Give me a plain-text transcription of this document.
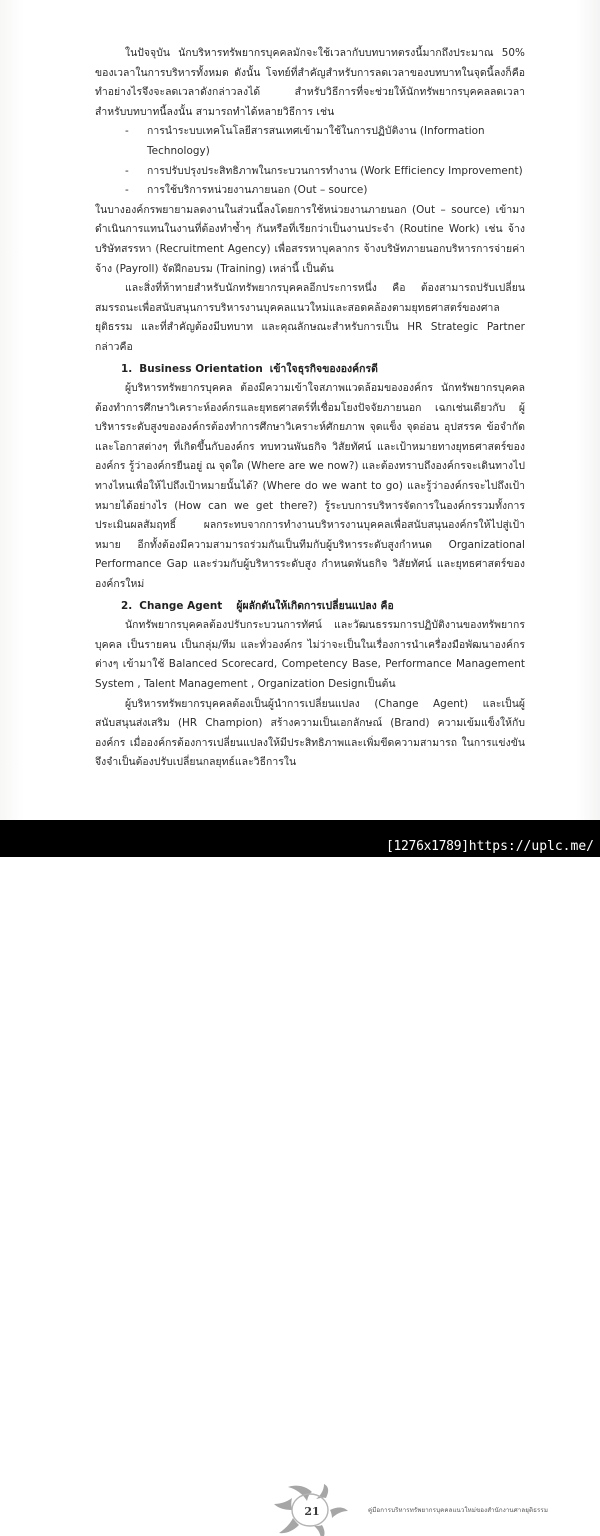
ในปัจจุบัน นักบริหารทรัพยากรบุคคลมักจะใช้เวลากับบทบาทตรงนี้มากถึงประมาณ 50% ของเวลาในการบริหารทั้งหมด ดังนั้น โจทย์ที่สำคัญสำหรับการลดเวลาของบทบาทในจุดนี้ลงก็คือ ทำอย่างไรจึงจะลดเวลาดังกล่าวลงได้ สำหรับวิธีการที่จะช่วยให้นักทรัพยากรบุคคลลดเวลาสำหรับบทบาทนี้ลงนั้น สามารถทำได้หลายวิธีการ เช่น

-	การนำระบบเทคโนโลยีสารสนเทศเข้ามาใช้ในการปฏิบัติงาน (Information Technology)
-	การปรับปรุงประสิทธิภาพในกระบวนการทำงาน (Work Efficiency Improvement)
-	การใช้บริการหน่วยงานภายนอก (Out – source)

ในบางองค์กรพยายามลดงานในส่วนนี้ลงโดยการใช้หน่วยงานภายนอก (Out – source) เข้ามาดำเนินการแทนในงานที่ต้องทำซ้ำๆ กันหรือที่เรียกว่าเป็นงานประจำ (Routine Work) เช่น จ้างบริษัทสรรหา (Recruitment Agency) เพื่อสรรหาบุคลากร จ้างบริษัทภายนอกบริหารการจ่ายค่าจ้าง (Payroll) จัดฝึกอบรม (Training) เหล่านี้ เป็นต้น

และสิ่งที่ท้าทายสำหรับนักทรัพยากรบุคคลอีกประการหนึ่ง คือ ต้องสามารถปรับเปลี่ยนสมรรถนะเพื่อสนับสนุนการบริหารงานบุคคลแนวใหม่และสอดคล้องตามยุทธศาสตร์ของศาลยุติธรรม และที่สำคัญต้องมีบทบาท และคุณลักษณะสำหรับการเป็น HR Strategic Partner กล่าวคือ

1. Business Orientation เข้าใจธุรกิจขององค์กรดี

ผู้บริหารทรัพยากรบุคคล ต้องมีความเข้าใจสภาพแวดล้อมขององค์กร นักทรัพยากรบุคคลต้องทำการศึกษาวิเคราะห์องค์กรและยุทธศาสตร์ที่เชื่อมโยงปัจจัยภายนอก เฉกเช่นเดียวกับ ผู้บริหารระดับสูงขององค์กรต้องทำการศึกษาวิเคราะห์ศักยภาพ จุดแข็ง จุดอ่อน อุปสรรค ข้อจำกัด และโอกาสต่างๆ ที่เกิดขึ้นกับองค์กร ทบทวนพันธกิจ วิสัยทัศน์ และเป้าหมายทางยุทธศาสตร์ขององค์กร รู้ว่าองค์กรยืนอยู่ ณ จุดใด (Where are we now?) และต้องทราบถึงองค์กรจะเดินทางไปทางไหนเพื่อให้ไปถึงเป้าหมายนั้นได้? (Where do we want to go) และรู้ว่าองค์กรจะไปถึงเป้าหมายได้อย่างไร (How can we get there?) รู้ระบบการบริหารจัดการในองค์กรรวมทั้งการประเมินผลสัมฤทธิ์ ผลกระทบจากการทำงานบริหารงานบุคคลเพื่อสนับสนุนองค์กรให้ไปสู่เป้าหมาย อีกทั้งต้องมีความสามารถร่วมกันเป็นทีมกับผู้บริหารระดับสูงกำหนด Organizational Performance Gap และร่วมกับผู้บริหารระดับสูง กำหนดพันธกิจ วิสัยทัศน์ และยุทธศาสตร์ขององค์กรใหม่

2. Change Agent ผู้ผลักดันให้เกิดการเปลี่ยนแปลง คือ

นักทรัพยากรบุคคลต้องปรับกระบวนการทัศน์ และวัฒนธรรมการปฏิบัติงานของทรัพยากรบุคคล เป็นรายคน เป็นกลุ่ม/ทีม และทั่วองค์กร ไม่ว่าจะเป็นในเรื่องการนำเครื่องมือพัฒนาองค์กรต่างๆ เข้ามาใช้ Balanced Scorecard, Competency Base, Performance Management System , Talent Management , Organization Designเป็นต้น

ผู้บริหารทรัพยากรบุคคลต้องเป็นผู้นำการเปลี่ยนแปลง (Change Agent) และเป็นผู้สนับสนุนส่งเสริม (HR Champion) สร้างความเป็นเอกลักษณ์ (Brand) ความเข้มแข็งให้กับองค์กร เมื่อองค์กรต้องการเปลี่ยนแปลงให้มีประสิทธิภาพและเพิ่มขีดความสามารถ ในการแข่งขัน จึงจำเป็นต้องปรับเปลี่ยนกลยุทธ์และวิธีการใน

21	คู่มือการบริหารทรัพยากรบุคคลแนวใหม่ของสำนักงานศาลยุติธรรม
[1276x1789]https://uplc.me/
